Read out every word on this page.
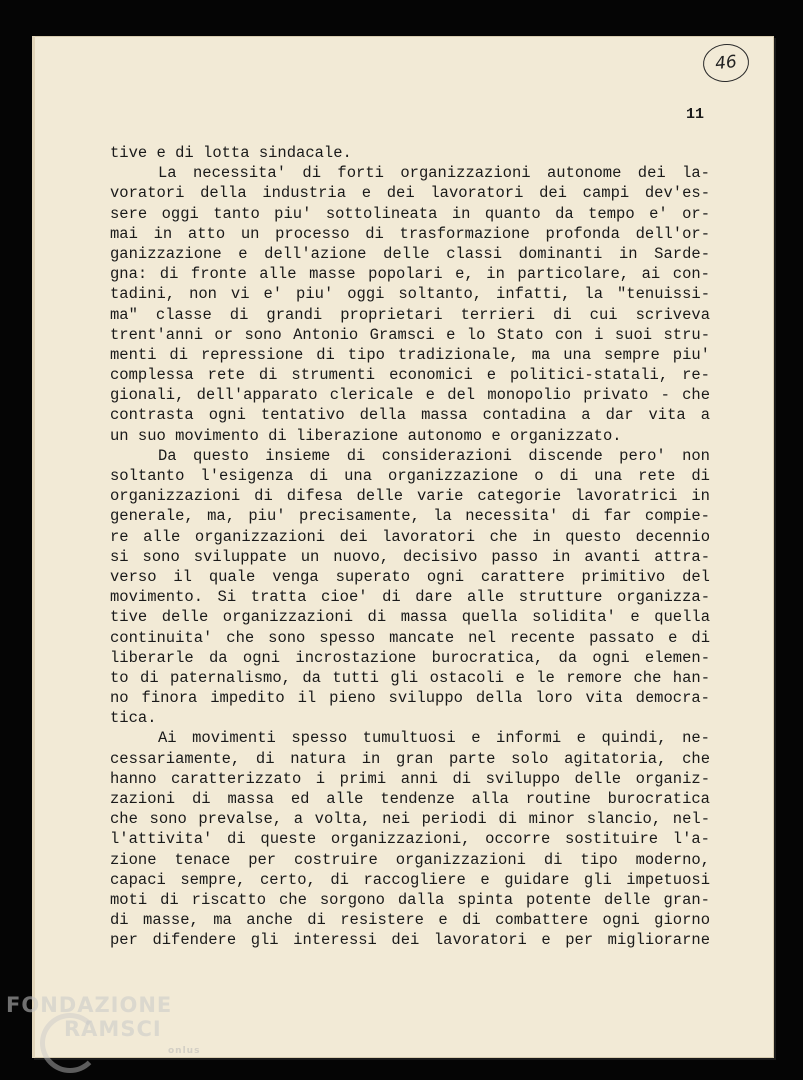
46
11
tive e di lotta sindacale.
La necessita' di forti organizzazioni autonome dei la-
voratori della industria e dei lavoratori dei campi dev'es-
sere oggi tanto piu' sottolineata in quanto da tempo e' or-
mai in atto un processo di trasformazione profonda dell'or-
ganizzazione e dell'azione delle classi dominanti in Sarde-
gna: di fronte alle masse popolari e, in particolare, ai con-
tadini, non vi e' piu' oggi soltanto, infatti, la "tenuissi-
ma" classe di grandi proprietari terrieri di cui scriveva
trent'anni or sono Antonio Gramsci e lo Stato con i suoi stru-
menti di repressione di tipo tradizionale, ma una sempre piu'
complessa rete di strumenti economici e politici-statali, re-
gionali, dell'apparato clericale e del monopolio privato - che
contrasta ogni tentativo della massa contadina a dar vita a
un suo movimento di liberazione autonomo e organizzato.
Da questo insieme di considerazioni discende pero' non
soltanto l'esigenza di una organizzazione o di una rete di
organizzazioni di difesa delle varie categorie lavoratrici in
generale, ma, piu' precisamente, la necessita' di far compie-
re alle organizzazioni dei lavoratori che in questo decennio
si sono sviluppate un nuovo, decisivo passo in avanti attra-
verso il quale venga superato ogni carattere primitivo del
movimento. Si tratta cioe' di dare alle strutture organizza-
tive delle organizzazioni di massa quella solidita' e quella
continuita' che sono spesso mancate nel recente passato e di
liberarle da ogni incrostazione burocratica, da ogni elemen-
to di paternalismo, da tutti gli ostacoli e le remore che han-
no finora impedito il pieno sviluppo della loro vita democra-
tica.
Ai movimenti spesso tumultuosi e informi e quindi, ne-
cessariamente, di natura in gran parte solo agitatoria, che
hanno caratterizzato i primi anni di sviluppo delle organiz-
zazioni di massa ed alle tendenze alla routine burocratica
che sono prevalse, a volta, nei periodi di minor slancio, nel-
l'attivita' di queste organizzazioni, occorre sostituire l'a-
zione tenace per costruire organizzazioni di tipo moderno,
capaci sempre, certo, di raccogliere e guidare gli impetuosi
moti di riscatto che sorgono dalla spinta potente delle gran-
di masse, ma anche di resistere e di combattere ogni giorno
per difendere gli interessi dei lavoratori e per migliorarne
FONDAZIONE
RAMSCI
onlus
